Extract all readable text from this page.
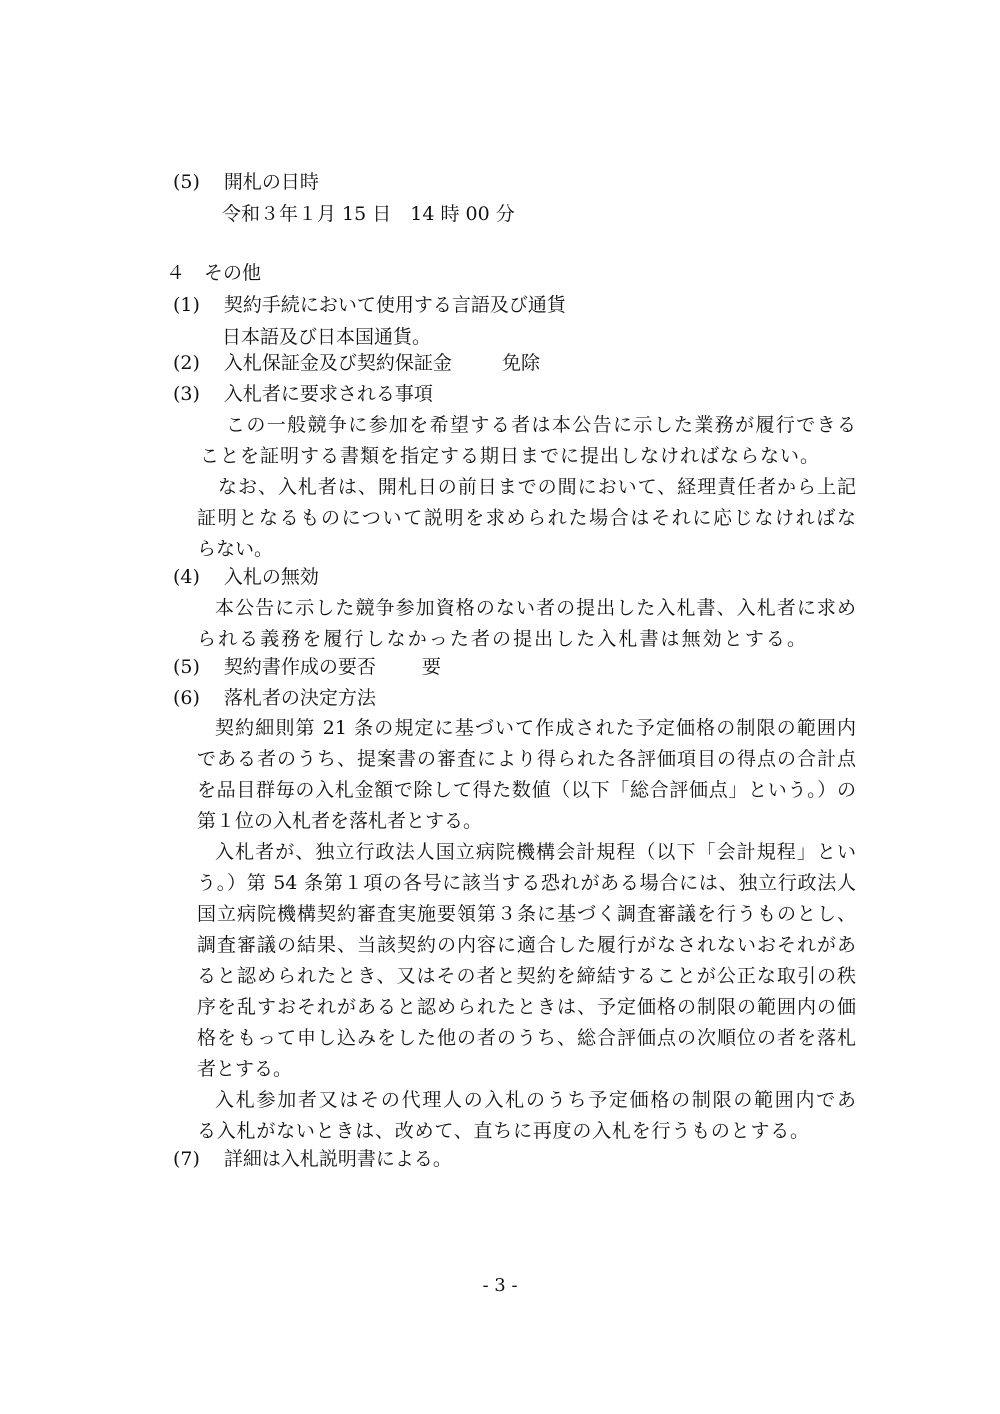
(5) 開札の日時
令和３年１月 15 日　14 時 00 分
４　その他
(1) 契約手続において使用する言語及び通貨
日本語及び日本国通貨。
(2) 入札保証金及び契約保証金	免除
(3) 入札者に要求される事項
この一般競争に参加を希望する者は本公告に示した業務が履行できる
ことを証明する書類を指定する期日までに提出しなければならない。
なお、入札者は、開札日の前日までの間において、経理責任者から上記
証明となるものについて説明を求められた場合はそれに応じなければな
らない。
(4) 入札の無効
本公告に示した競争参加資格のない者の提出した入札書、入札者に求め
られる義務を履行しなかった者の提出した入札書は無効とする。
(5) 契約書作成の要否 要
(6) 落札者の決定方法
契約細則第 21 条の規定に基づいて作成された予定価格の制限の範囲内
である者のうち、提案書の審査により得られた各評価項目の得点の合計点
を品目群毎の入札金額で除して得た数値（以下「総合評価点」という。）の
第１位の入札者を落札者とする。
入札者が、独立行政法人国立病院機構会計規程（以下「会計規程」とい
う。）第 54 条第１項の各号に該当する恐れがある場合には、独立行政法人
国立病院機構契約審査実施要領第３条に基づく調査審議を行うものとし、
調査審議の結果、当該契約の内容に適合した履行がなされないおそれがあ
ると認められたとき、又はその者と契約を締結することが公正な取引の秩
序を乱すおそれがあると認められたときは、予定価格の制限の範囲内の価
格をもって申し込みをした他の者のうち、総合評価点の次順位の者を落札
者とする。
入札参加者又はその代理人の入札のうち予定価格の制限の範囲内であ
る入札がないときは、改めて、直ちに再度の入札を行うものとする。
(7) 詳細は入札説明書による。
- 3 -
